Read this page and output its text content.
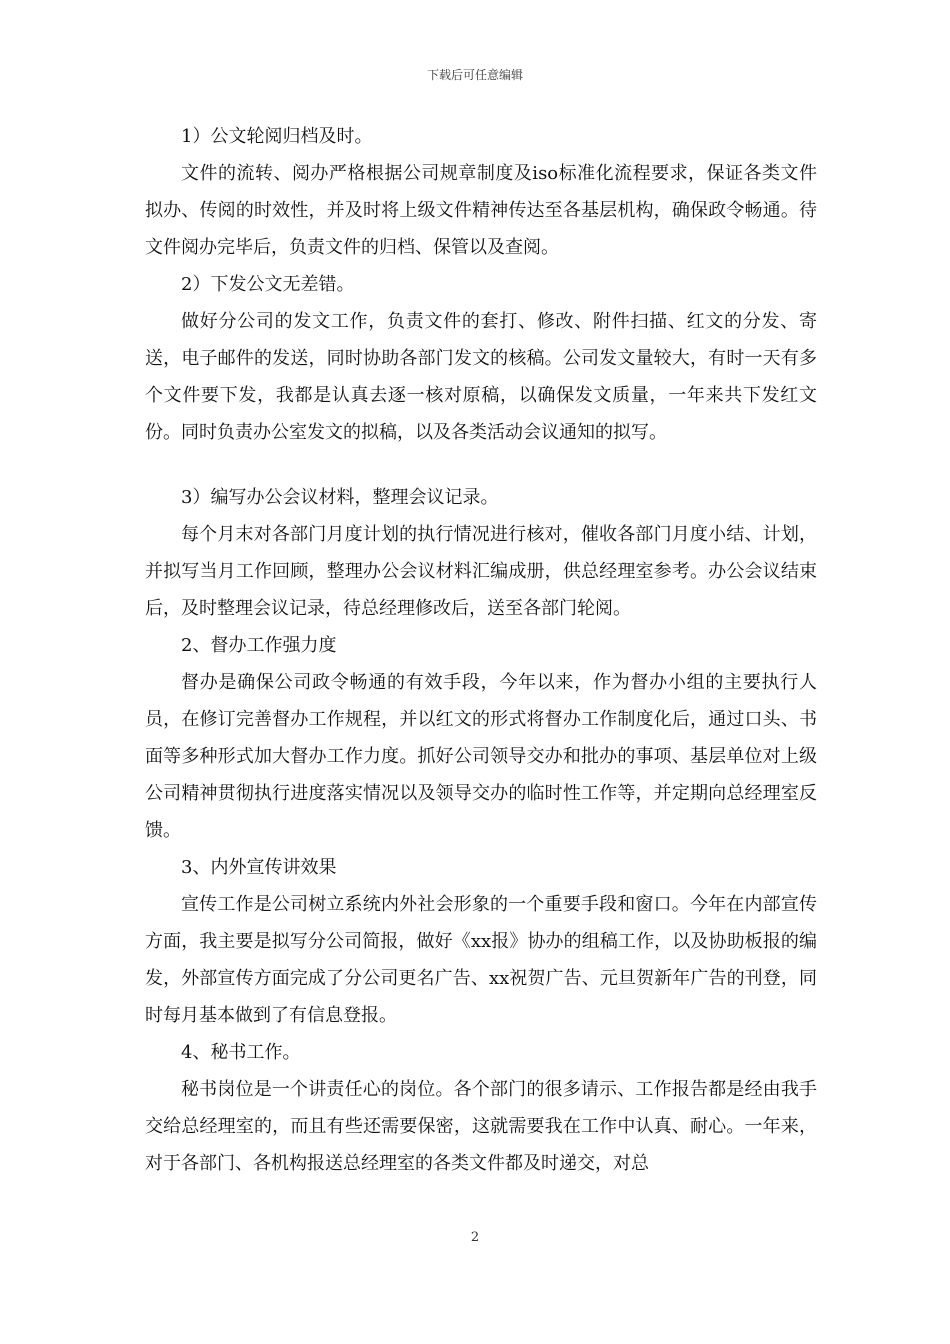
下载后可任意编辑

1）公文轮阅归档及时。

文件的流转、阅办严格根据公司规章制度及iso标准化流程要求，保证各类文件拟办、传阅的时效性，并及时将上级文件精神传达至各基层机构，确保政令畅通。待文件阅办完毕后，负责文件的归档、保管以及查阅。

2）下发公文无差错。

做好分公司的发文工作，负责文件的套打、修改、附件扫描、红文的分发、寄送，电子邮件的发送，同时协助各部门发文的核稿。公司发文量较大，有时一天有多个文件要下发，我都是认真去逐一核对原稿，以确保发文质量，一年来共下发红文份。同时负责办公室发文的拟稿，以及各类活动会议通知的拟写。

3）编写办公会议材料，整理会议记录。

每个月末对各部门月度计划的执行情况进行核对，催收各部门月度小结、计划，并拟写当月工作回顾，整理办公会议材料汇编成册，供总经理室参考。办公会议结束后，及时整理会议记录，待总经理修改后，送至各部门轮阅。

2、督办工作强力度

督办是确保公司政令畅通的有效手段，今年以来，作为督办小组的主要执行人员，在修订完善督办工作规程，并以红文的形式将督办工作制度化后，通过口头、书面等多种形式加大督办工作力度。抓好公司领导交办和批办的事项、基层单位对上级公司精神贯彻执行进度落实情况以及领导交办的临时性工作等，并定期向总经理室反馈。

3、内外宣传讲效果

宣传工作是公司树立系统内外社会形象的一个重要手段和窗口。今年在内部宣传方面，我主要是拟写分公司简报，做好《xx报》协办的组稿工作，以及协助板报的编发，外部宣传方面完成了分公司更名广告、xx祝贺广告、元旦贺新年广告的刊登，同时每月基本做到了有信息登报。

4、秘书工作。

秘书岗位是一个讲责任心的岗位。各个部门的很多请示、工作报告都是经由我手交给总经理室的，而且有些还需要保密，这就需要我在工作中认真、耐心。一年来，对于各部门、各机构报送总经理室的各类文件都及时递交，对总

2
